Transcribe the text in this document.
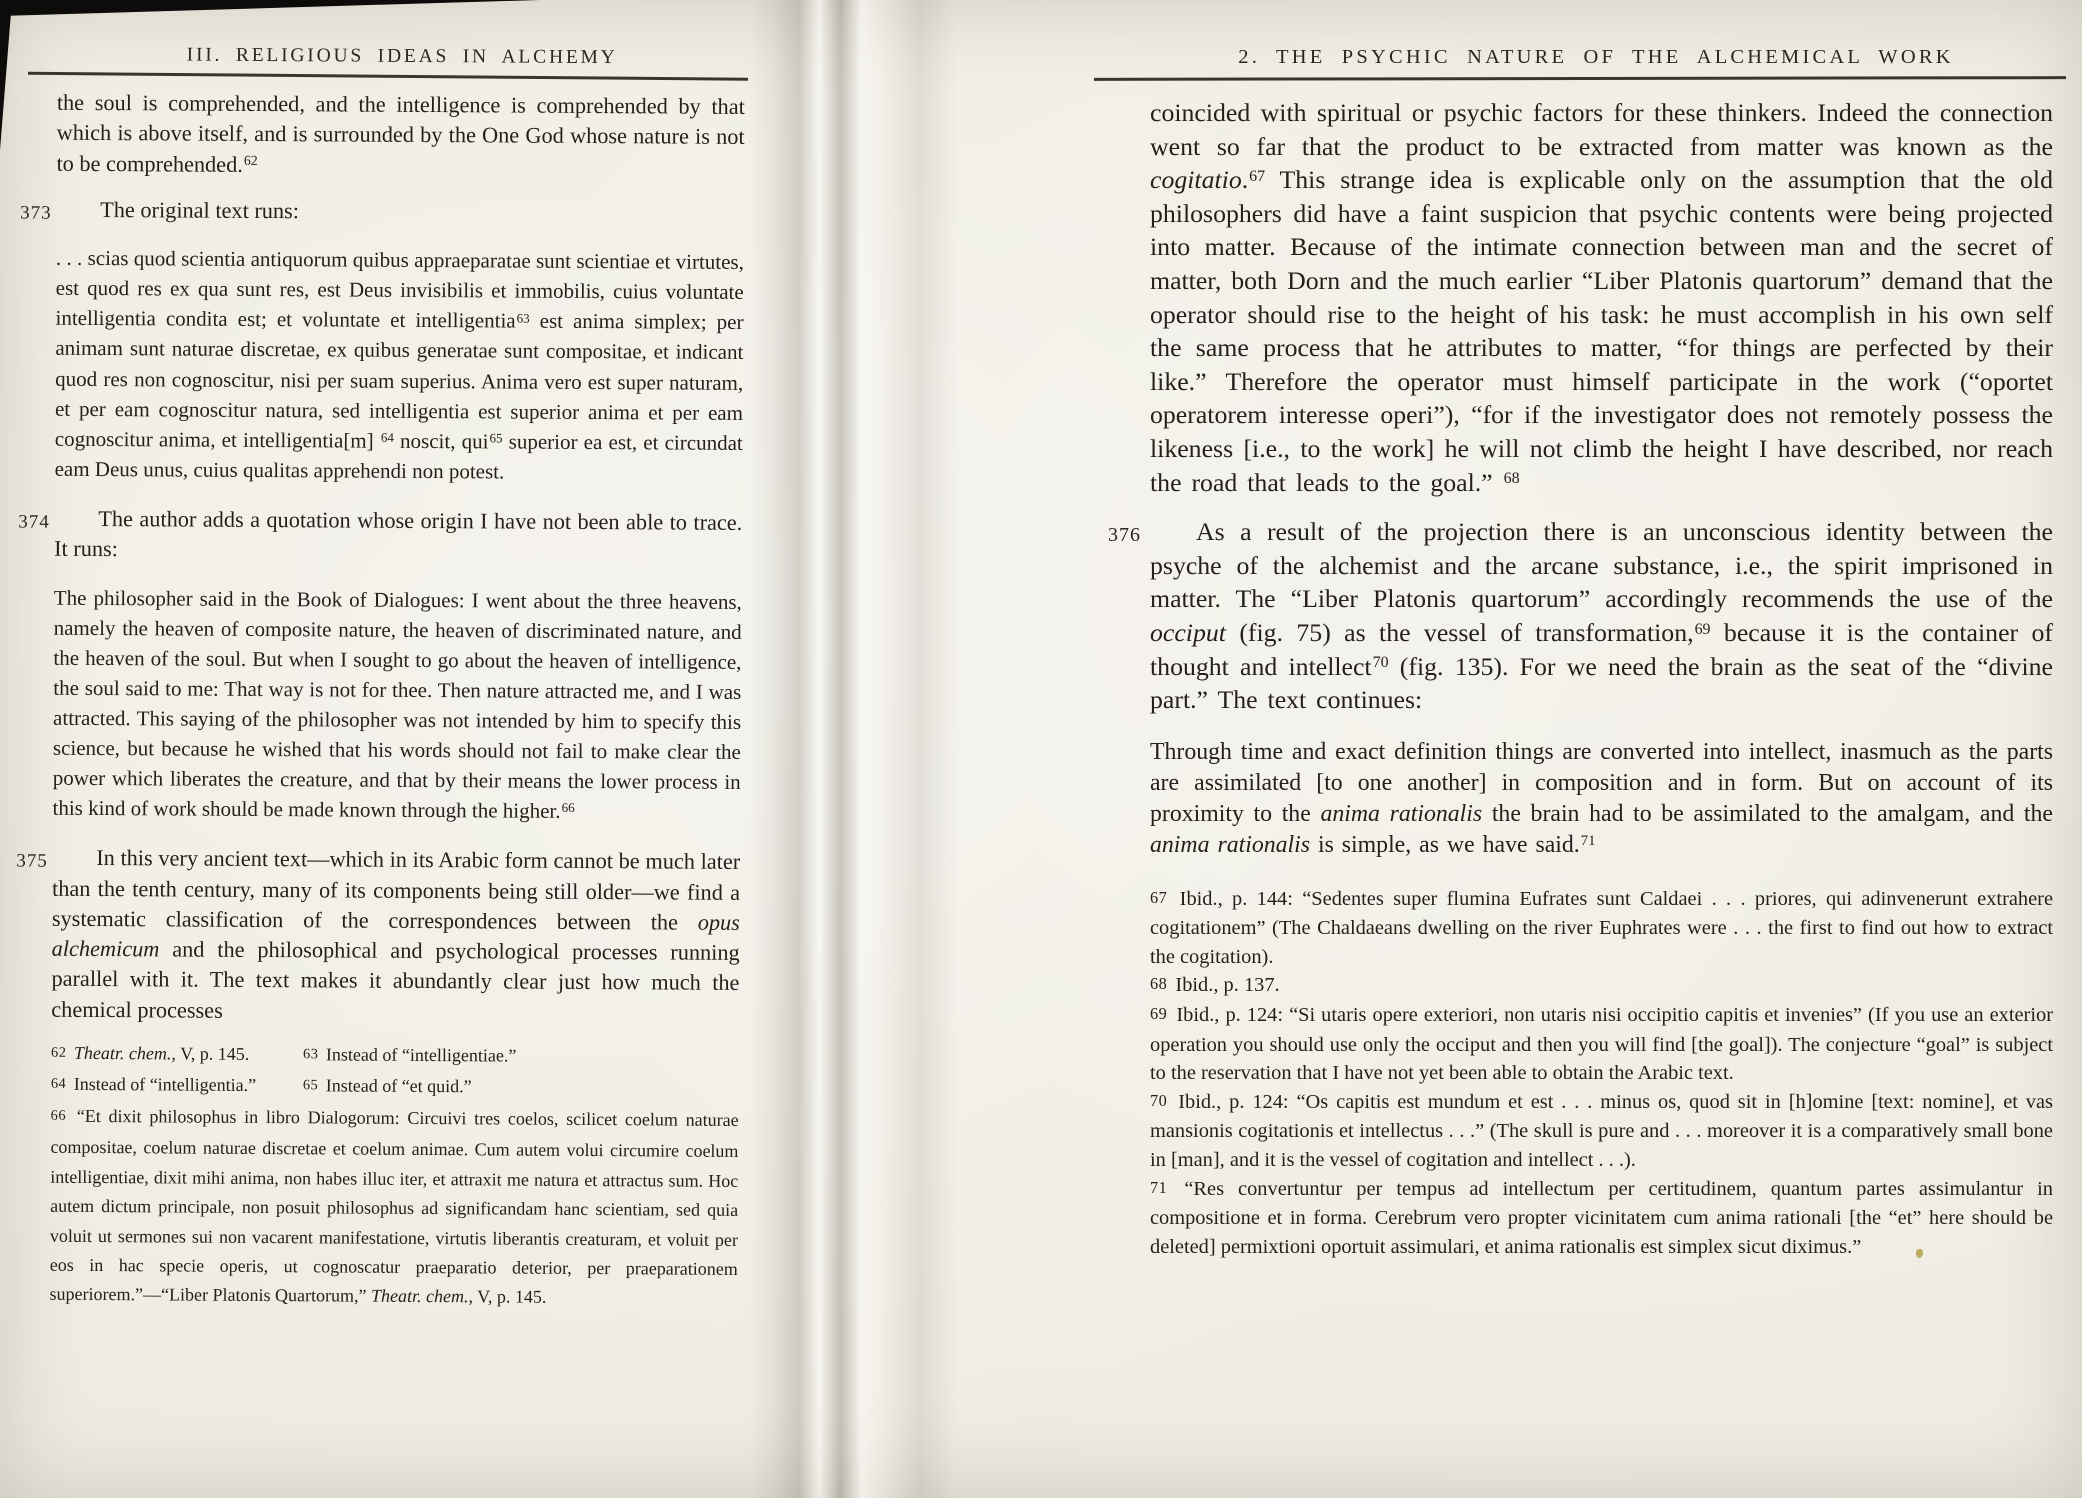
III. RELIGIOUS IDEAS IN ALCHEMY

the soul is comprehended, and the intelligence is comprehended by that which is above itself, and is surrounded by the One God whose nature is not to be comprehended.$^{62}$

373 The original text runs:

. . . scias quod scientia antiquorum quibus appraeparatae sunt scientiae et virtutes, est quod res ex qua sunt res, est Deus invisibilis et immobilis, cuius voluntate intelligentia condita est; et voluntate et intelligentia$^{63}$ est anima simplex; per animam sunt naturae discretae, ex quibus generatae sunt compositae, et indicant quod res non cognoscitur, nisi per suam superius. Anima vero est super naturam, et per eam cognoscitur natura, sed intelligentia est superior anima et per eam cognoscitur anima, et intelligentia[m] $^{64}$ noscit, qui$^{65}$ superior ea est, et circundat eam Deus unus, cuius qualitas apprehendi non potest.

374 The author adds a quotation whose origin I have not been able to trace. It runs:

The philosopher said in the Book of Dialogues: I went about the three heavens, namely the heaven of composite nature, the heaven of discriminated nature, and the heaven of the soul. But when I sought to go about the heaven of intelligence, the soul said to me: That way is not for thee. Then nature attracted me, and I was attracted. This saying of the philosopher was not intended by him to specify this science, but because he wished that his words should not fail to make clear the power which liberates the creature, and that by their means the lower process in this kind of work should be made known through the higher.$^{66}$

375 In this very ancient text—which in its Arabic form cannot be much later than the tenth century, many of its components being still older—we find a systematic classification of the correspondences between the opus alchemicum and the philosophical and psychological processes running parallel with it. The text makes it abundantly clear just how much the chemical processes

62 Theatr. chem., V, p. 145.	63 Instead of “intelligentiae.”

64 Instead of “intelligentia.”	65 Instead of “et quid.”

66 “Et dixit philosophus in libro Dialogorum: Circuivi tres coelos, scilicet coelum naturae compositae, coelum naturae discretae et coelum animae. Cum autem volui circumire coelum intelligentiae, dixit mihi anima, non habes illuc iter, et attraxit me natura et attractus sum. Hoc autem dictum principale, non posuit philosophus ad significandam hanc scientiam, sed quia voluit ut sermones sui non vacarent manifestatione, virtutis liberantis creaturam, et voluit per eos in hac specie operis, ut cognoscatur praeparatio deterior, per praeparationem superiorem.”—“Liber Platonis Quartorum,” Theatr. chem., V, p. 145.

2. THE PSYCHIC NATURE OF THE ALCHEMICAL WORK

coincided with spiritual or psychic factors for these thinkers. Indeed the connection went so far that the product to be extracted from matter was known as the cogitatio.$^{67}$ This strange idea is explicable only on the assumption that the old philosophers did have a faint suspicion that psychic contents were being projected into matter. Because of the intimate connection between man and the secret of matter, both Dorn and the much earlier “Liber Platonis quartorum” demand that the operator should rise to the height of his task: he must accomplish in his own self the same process that he attributes to matter, “for things are perfected by their like.” Therefore the operator must himself participate in the work (“oportet operatorem interesse operi”), “for if the investigator does not remotely possess the likeness [i.e., to the work] he will not climb the height I have described, nor reach the road that leads to the goal.” $^{68}$

376 As a result of the projection there is an unconscious identity between the psyche of the alchemist and the arcane substance, i.e., the spirit imprisoned in matter. The “Liber Platonis quartorum” accordingly recommends the use of the occiput (fig. 75) as the vessel of transformation,$^{69}$ because it is the container of thought and intellect$^{70}$ (fig. 135). For we need the brain as the seat of the “divine part.” The text continues:

Through time and exact definition things are converted into intellect, inasmuch as the parts are assimilated [to one another] in composition and in form. But on account of its proximity to the anima rationalis the brain had to be assimilated to the amalgam, and the anima rationalis is simple, as we have said.$^{71}$

67 Ibid., p. 144: “Sedentes super flumina Eufrates sunt Caldaei . . . priores, qui adinvenerunt extrahere cogitationem” (The Chaldaeans dwelling on the river Euphrates were . . . the first to find out how to extract the cogitation).

68 Ibid., p. 137.

69 Ibid., p. 124: “Si utaris opere exteriori, non utaris nisi occipitio capitis et invenies” (If you use an exterior operation you should use only the occiput and then you will find [the goal]). The conjecture “goal” is subject to the reservation that I have not yet been able to obtain the Arabic text.

70 Ibid., p. 124: “Os capitis est mundum et est . . . minus os, quod sit in [h]omine [text: nomine], et vas mansionis cogitationis et intellectus . . .” (The skull is pure and . . . moreover it is a comparatively small bone in [man], and it is the vessel of cogitation and intellect . . .).

71 “Res convertuntur per tempus ad intellectum per certitudinem, quantum partes assimulantur in compositione et in forma. Cerebrum vero propter vicinitatem cum anima rationali [the “et” here should be deleted] permixtioni oportuit assimulari, et anima rationalis est simplex sicut diximus.”
